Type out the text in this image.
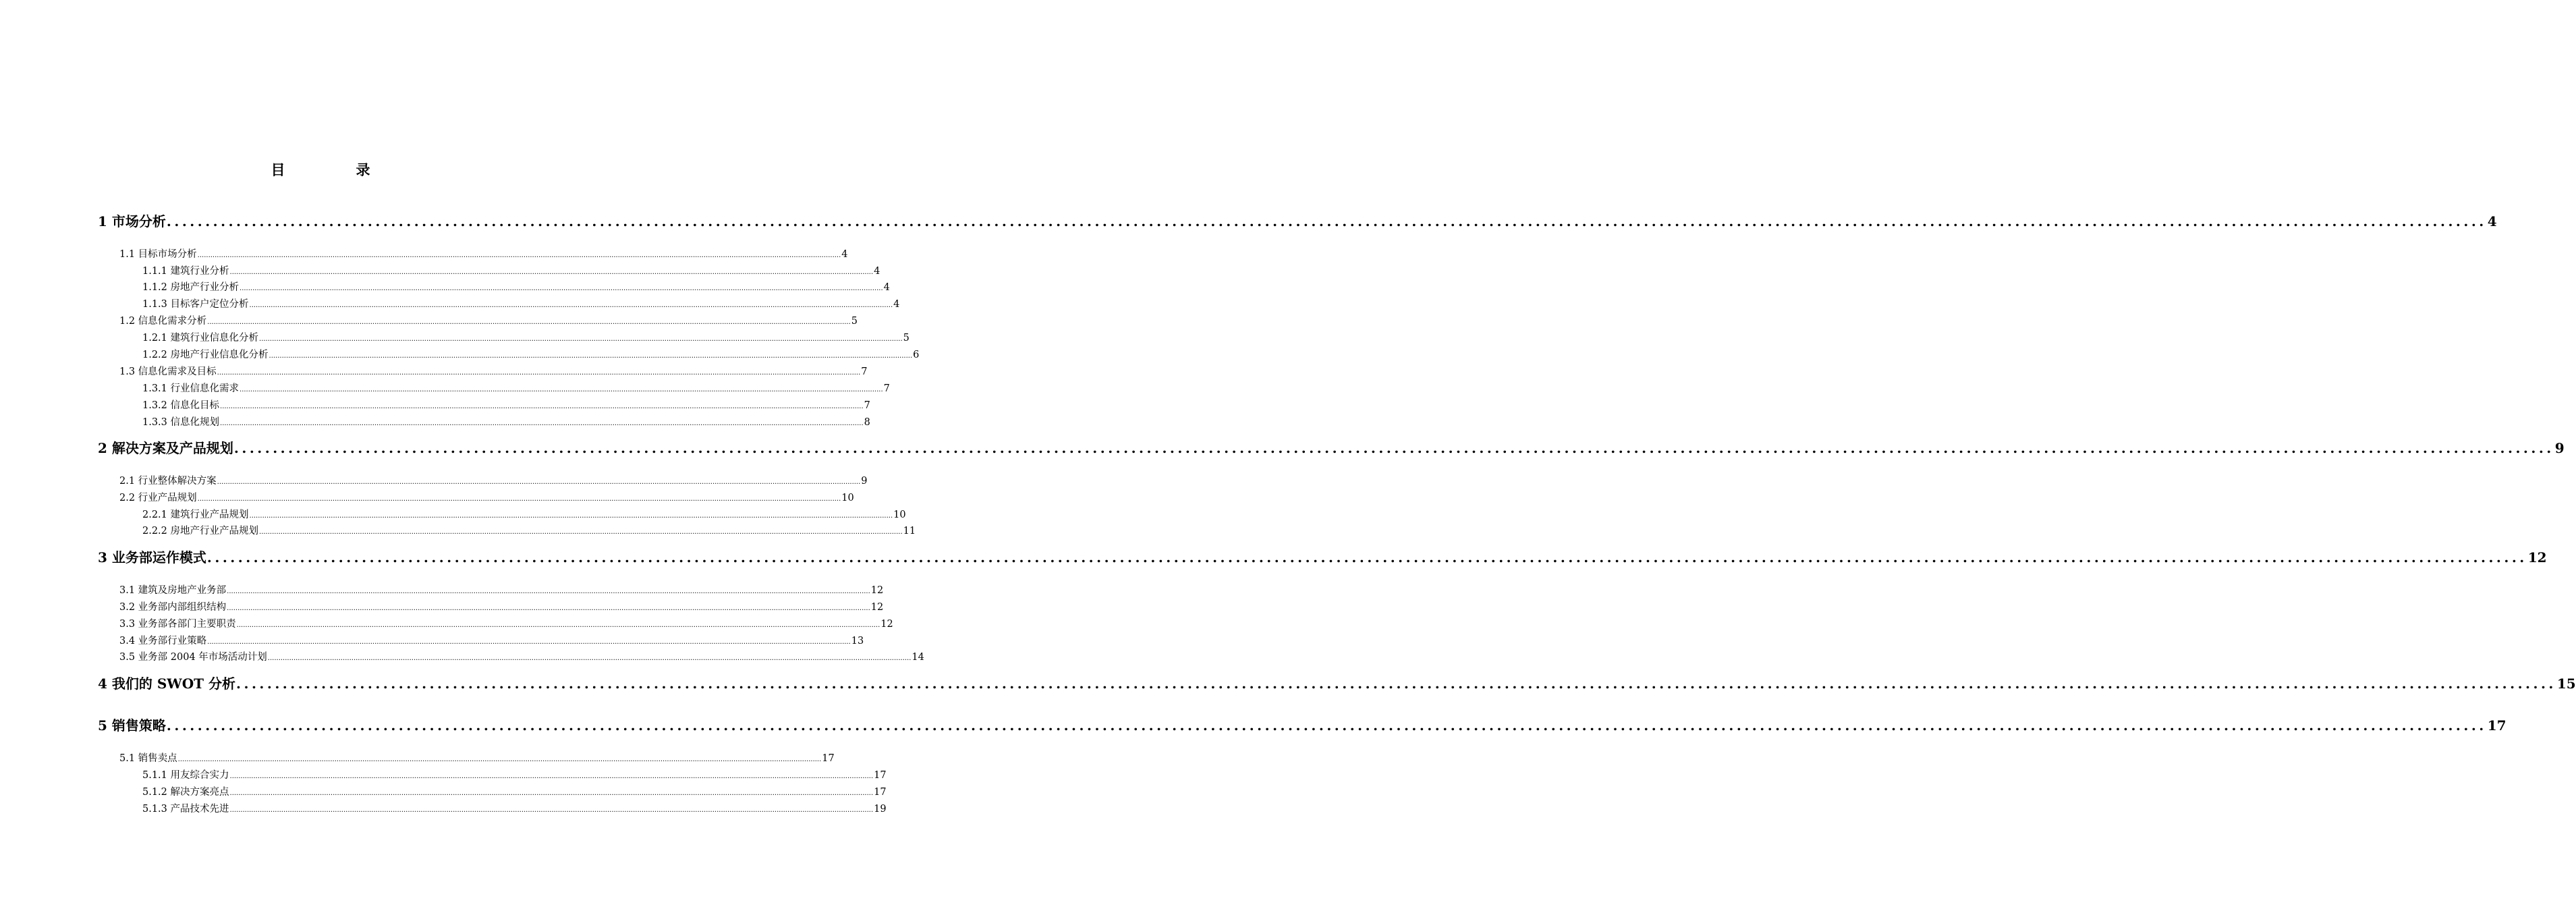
目　录
1 市场分析 ............................................................................................................................................................................................................................................................................................................ 4
1.1 目标市场分析 ............................................................................................................................................................................................................................................................................................................ 4
1.1.1 建筑行业分析 ............................................................................................................................................................................................................................................................................................................ 4
1.1.2 房地产行业分析 ............................................................................................................................................................................................................................................................................................................ 4
1.1.3 目标客户定位分析 ............................................................................................................................................................................................................................................................................................................ 4
1.2 信息化需求分析 ............................................................................................................................................................................................................................................................................................................ 5
1.2.1 建筑行业信息化分析 ............................................................................................................................................................................................................................................................................................................ 5
1.2.2 房地产行业信息化分析 ............................................................................................................................................................................................................................................................................................................ 6
1.3 信息化需求及目标 ............................................................................................................................................................................................................................................................................................................ 7
1.3.1 行业信息化需求 ............................................................................................................................................................................................................................................................................................................ 7
1.3.2 信息化目标 ............................................................................................................................................................................................................................................................................................................ 7
1.3.3 信息化规划 ............................................................................................................................................................................................................................................................................................................ 8
2 解决方案及产品规划 ............................................................................................................................................................................................................................................................................................................ 9
2.1 行业整体解决方案 ............................................................................................................................................................................................................................................................................................................ 9
2.2 行业产品规划 ............................................................................................................................................................................................................................................................................................................ 10
2.2.1 建筑行业产品规划 ............................................................................................................................................................................................................................................................................................................ 10
2.2.2 房地产行业产品规划 ............................................................................................................................................................................................................................................................................................................ 11
3 业务部运作模式 ............................................................................................................................................................................................................................................................................................................ 12
3.1 建筑及房地产业务部 ............................................................................................................................................................................................................................................................................................................ 12
3.2 业务部内部组织结构 ............................................................................................................................................................................................................................................................................................................ 12
3.3 业务部各部门主要职责 ............................................................................................................................................................................................................................................................................................................ 12
3.4 业务部行业策略 ............................................................................................................................................................................................................................................................................................................ 13
3.5 业务部 2004 年市场活动计划 ............................................................................................................................................................................................................................................................................................................ 14
4 我们的 SWOT 分析 ............................................................................................................................................................................................................................................................................................................ 15
5 销售策略 ............................................................................................................................................................................................................................................................................................................ 17
5.1 销售卖点 ............................................................................................................................................................................................................................................................................................................ 17
5.1.1 用友综合实力 ............................................................................................................................................................................................................................................................................................................ 17
5.1.2 解决方案亮点 ............................................................................................................................................................................................................................................................................................................ 17
5.1.3 产品技术先进 ............................................................................................................................................................................................................................................................................................................ 19
